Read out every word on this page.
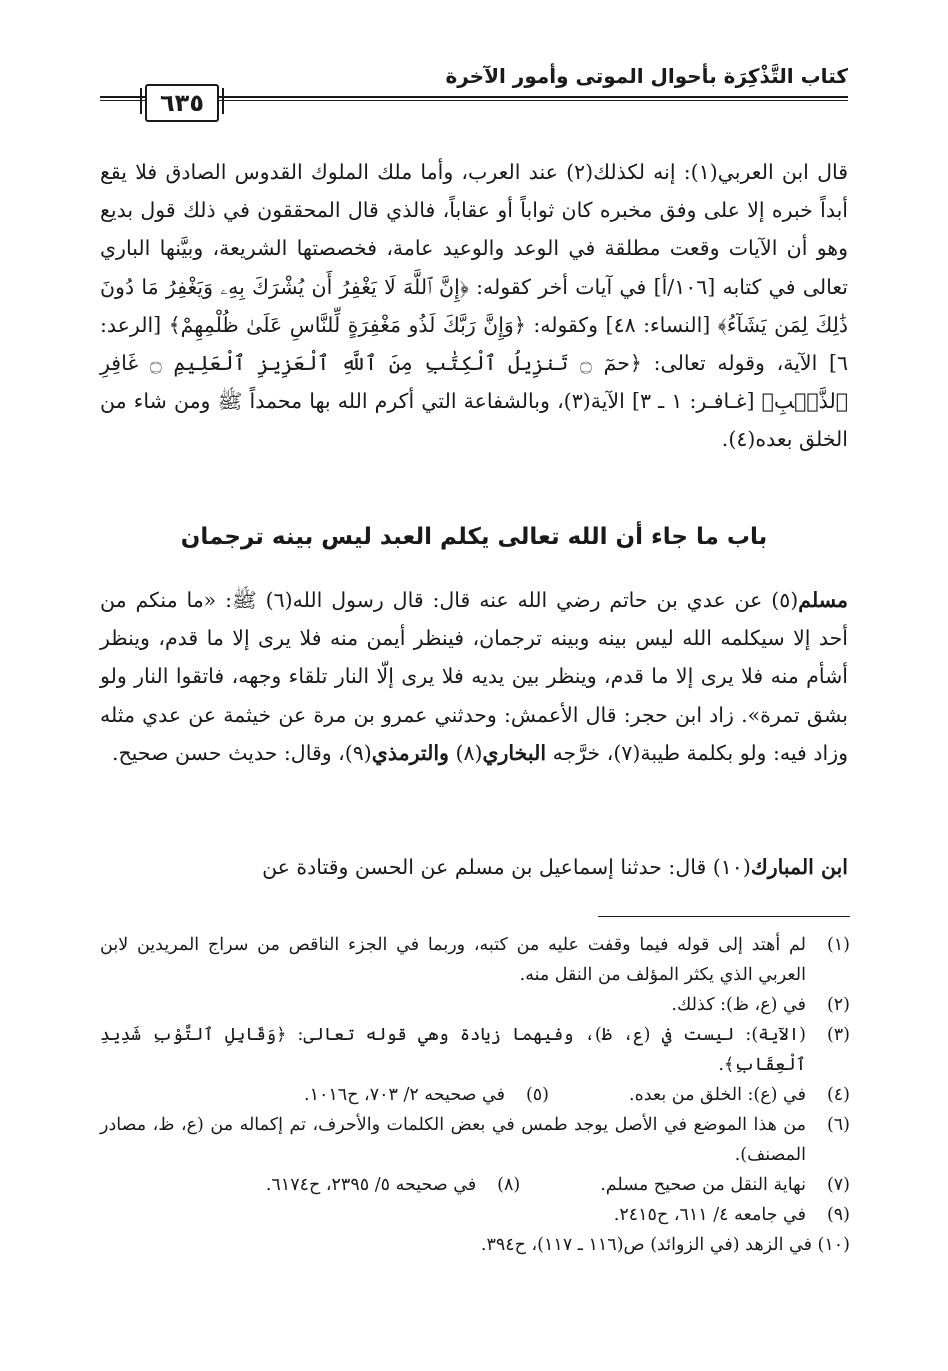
كتاب التَّذْكِرَة بأحوال الموتى وأمور الآخرة
٦٣٥

قال ابن العربي(١): إنه لكذلك(٢) عند العرب، وأما ملك الملوك القدوس الصادق فلا يقع أبداً خبره إلا على وفق مخبره كان ثواباً أو عقاباً، فالذي قال المحققون في ذلك قول بديع وهو أن الآيات وقعت مطلقة في الوعد والوعيد عامة، فخصصتها الشريعة، وبيَّنها الباري تعالى في كتابه [١٠٦/أ] في آيات أخر كقوله: ﴿إِنَّ ٱللَّهَ لَا يَغْفِرُ أَن يُشْرَكَ بِهِۦ وَيَغْفِرُ مَا دُونَ ذَٰلِكَ لِمَن يَشَآءُ﴾ [النساء: ٤٨] وكقوله: ﴿وَإِنَّ رَبَّكَ لَذُو مَغْفِرَةٍ لِّلنَّاسِ عَلَىٰ ظُلْمِهِمْ﴾ [الرعد: ٦] الآية، وقوله تعالى: ﴿حمٓ ۝ تَنزِيلُ ٱلْكِتَٰبِ مِنَ ٱللَّهِ ٱلْعَزِيزِ ٱلْعَلِيمِ ۝ غَافِرِ ٱلذَّنۢبِ﴾ [غـافـر: ١ ـ ٣] الآية(٣)، وبالشفاعة التي أكرم الله بها محمداً ﷺ ومن شاء من الخلق بعده(٤).

باب ما جاء أن الله تعالى يكلم العبد ليس بينه ترجمان

مسلم(٥) عن عدي بن حاتم رضي الله عنه قال: قال رسول الله(٦) ﷺ: «ما منكم من أحد إلا سيكلمه الله ليس بينه وبينه ترجمان، فينظر أيمن منه فلا يرى إلا ما قدم، وينظر أشأم منه فلا يرى إلا ما قدم، وينظر بين يديه فلا يرى إلّا النار تلقاء وجهه، فاتقوا النار ولو بشق تمرة». زاد ابن حجر: قال الأعمش: وحدثني عمرو بن مرة عن خيثمة عن عدي مثله وزاد فيه: ولو بكلمة طيبة(٧)، خرَّجه البخاري(٨) والترمذي(٩)، وقال: حديث حسن صحيح.

ابن المبارك(١٠) قال: حدثنا إسماعيل بن مسلم عن الحسن وقتادة عن

(١)
لم أهتد إلى قوله فيما وقفت عليه من كتبه، وربما في الجزء الناقص من سراج المريدين لابن العربي الذي يكثر المؤلف من النقل منه.
(٢)
في (ع، ظ): كذلك.
(٣)
(الآية): ليست في (ع، ظ)، وفيهما زيادة وهي قوله تعالى: ﴿وَقَابِلِ ٱلتَّوْبِ شَدِيدِ ٱلْعِقَابِ﴾.
(٤)
في (ع): الخلق من بعده.
(٥)
في صحيحه ٢/ ٧٠٣، ح١٠١٦.
(٦)
من هذا الموضع في الأصل يوجد طمس في بعض الكلمات والأحرف، تم إكماله من (ع، ظ، مصادر المصنف).
(٧)
نهاية النقل من صحيح مسلم.
(٨)
في صحيحه ٥/ ٢٣٩٥، ح٦١٧٤.
(٩)
في جامعه ٤/ ٦١١، ح٢٤١٥.
(١٠) في الزهد (في الزوائد) ص(١١٦ ـ ١١٧)، ح٣٩٤.
